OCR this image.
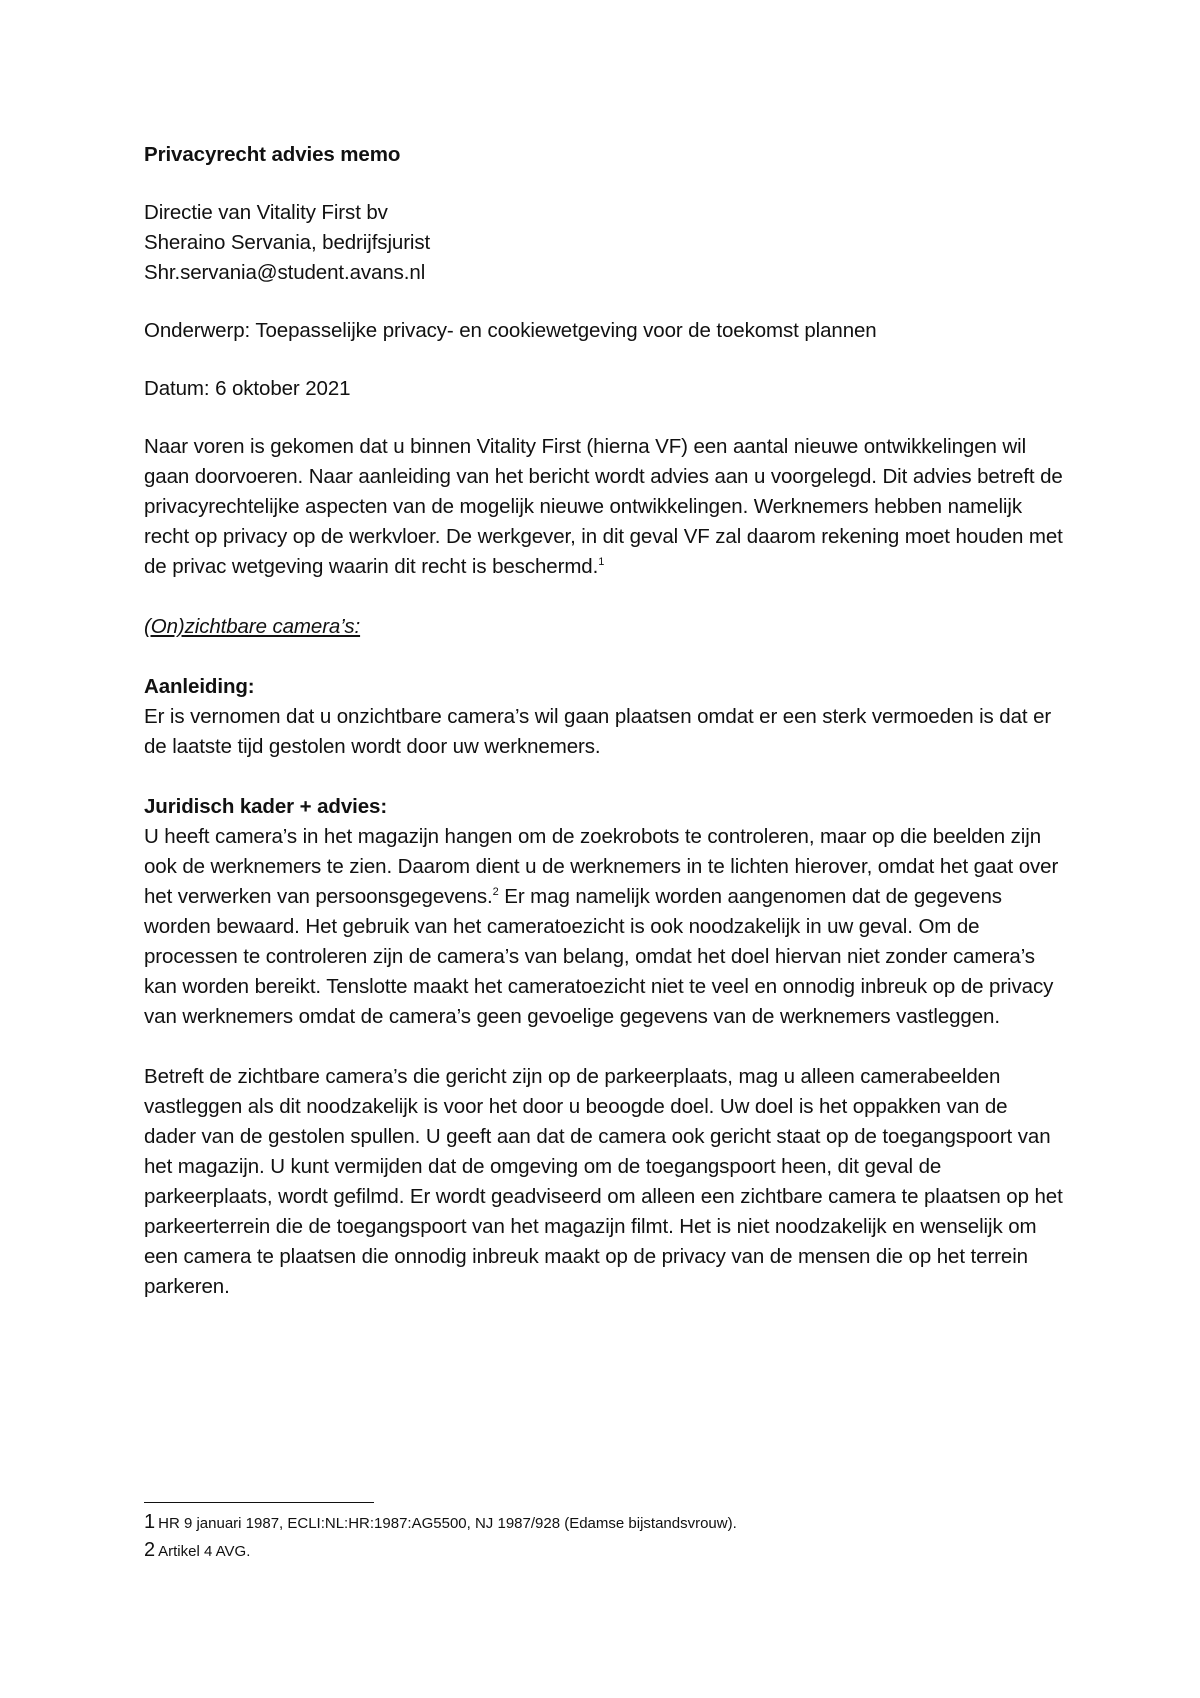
Privacyrecht advies memo

Directie van Vitality First bv

Sheraino Servania, bedrijfsjurist

Shr.servania@student.avans.nl

Onderwerp: Toepasselijke privacy- en cookiewetgeving voor de toekomst plannen

Datum: 6 oktober 2021

Naar voren is gekomen dat u binnen Vitality First (hierna VF) een aantal nieuwe ontwikkelingen wil gaan doorvoeren. Naar aanleiding van het bericht wordt advies aan u voorgelegd. Dit advies betreft de privacyrechtelijke aspecten van de mogelijk nieuwe ontwikkelingen. Werknemers hebben namelijk recht op privacy op de werkvloer. De werkgever, in dit geval VF zal daarom rekening moet houden met de privac wetgeving waarin dit recht is beschermd.$^1$

(On)zichtbare camera’s:

Aanleiding:

Er is vernomen dat u onzichtbare camera’s wil gaan plaatsen omdat er een sterk vermoeden is dat er de laatste tijd gestolen wordt door uw werknemers.

Juridisch kader + advies:

U heeft camera’s in het magazijn hangen om de zoekrobots te controleren, maar op die beelden zijn ook de werknemers te zien. Daarom dient u de werknemers in te lichten hierover, omdat het gaat over het verwerken van persoonsgegevens.$^2$ Er mag namelijk worden aangenomen dat de gegevens worden bewaard. Het gebruik van het cameratoezicht is ook noodzakelijk in uw geval. Om de processen te controleren zijn de camera’s van belang, omdat het doel hiervan niet zonder camera’s kan worden bereikt. Tenslotte maakt het cameratoezicht niet te veel en onnodig inbreuk op de privacy van werknemers omdat de camera’s geen gevoelige gegevens van de werknemers vastleggen.

Betreft de zichtbare camera’s die gericht zijn op de parkeerplaats, mag u alleen camerabeelden vastleggen als dit noodzakelijk is voor het door u beoogde doel. Uw doel is het oppakken van de dader van de gestolen spullen. U geeft aan dat de camera ook gericht staat op de toegangspoort van het magazijn. U kunt vermijden dat de omgeving om de toegangspoort heen, dit geval de parkeerplaats, wordt gefilmd. Er wordt geadviseerd om alleen een zichtbare camera te plaatsen op het parkeerterrein die de toegangspoort van het magazijn filmt. Het is niet noodzakelijk en wenselijk om een camera te plaatsen die onnodig inbreuk maakt op de privacy van de mensen die op het terrein parkeren.

1 HR 9 januari 1987, ECLI:NL:HR:1987:AG5500, NJ 1987/928 (Edamse bijstandsvrouw).

2 Artikel 4 AVG.
